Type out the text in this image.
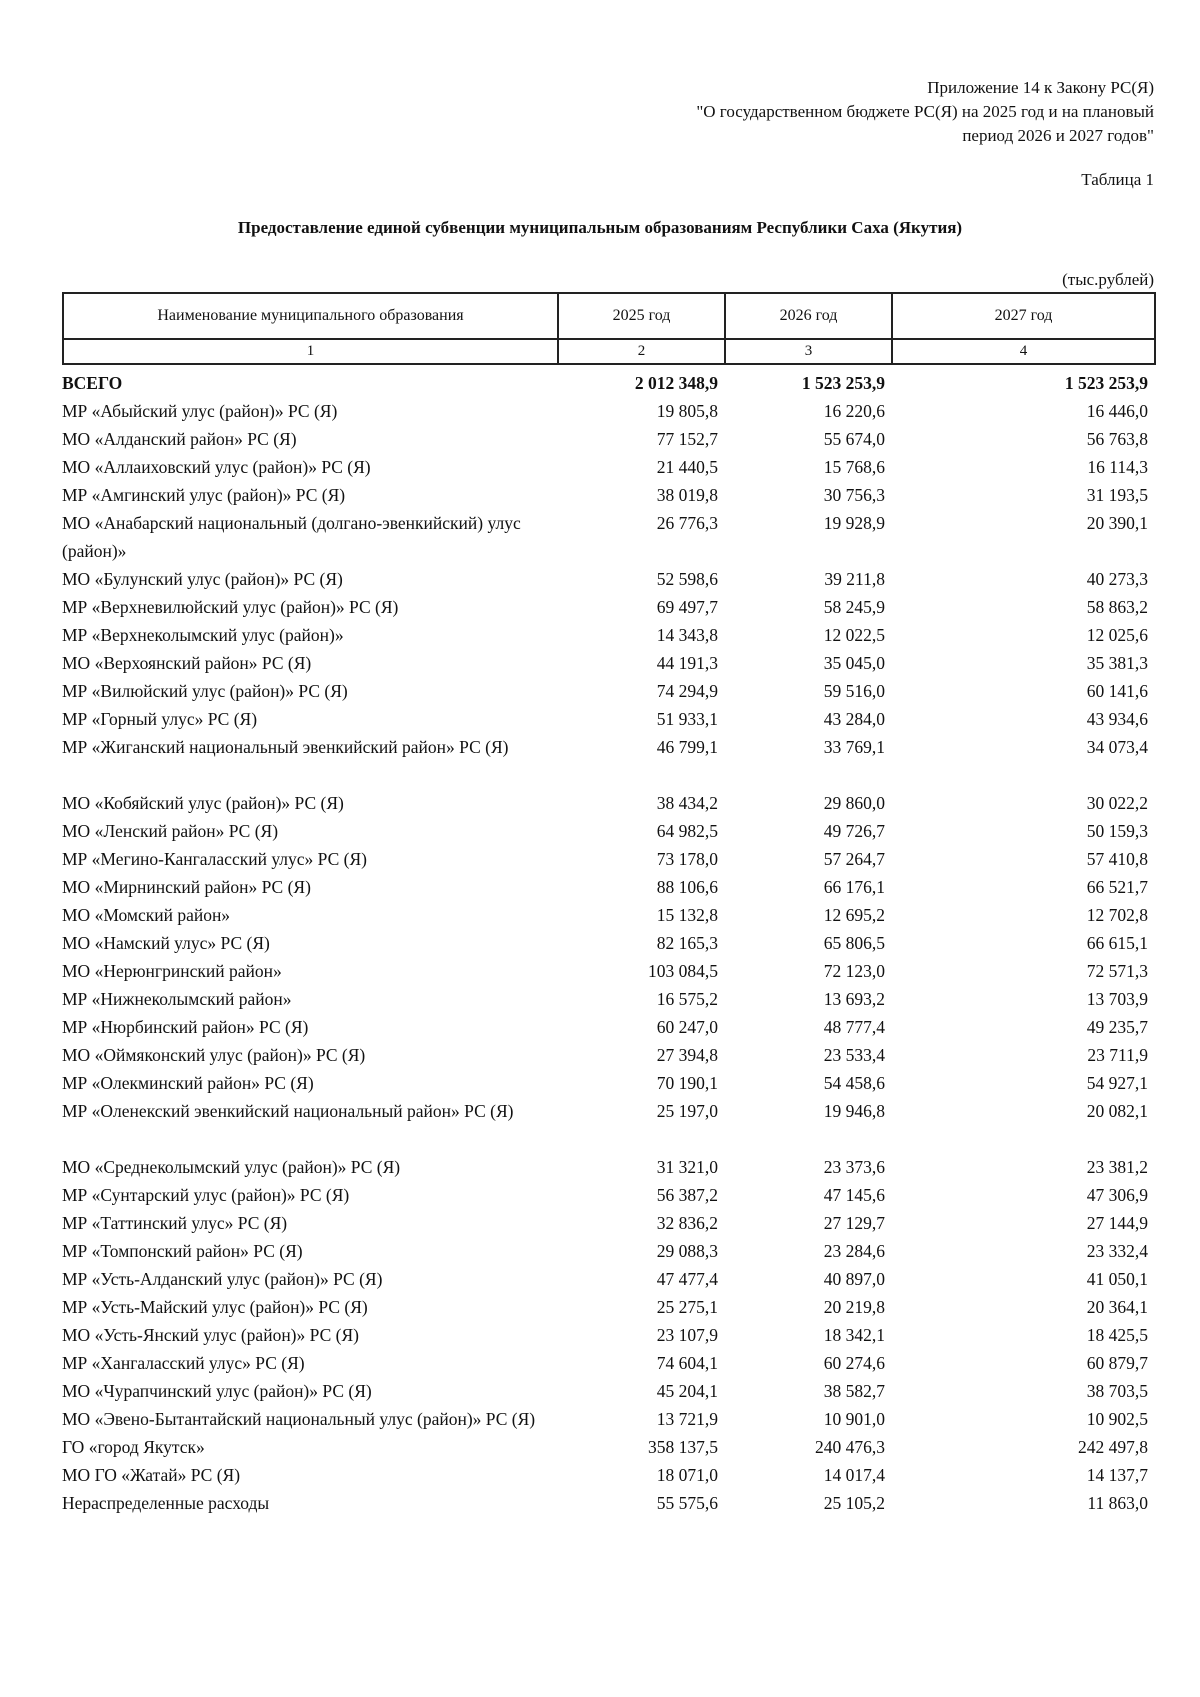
Приложение 14 к Закону РС(Я)
"О государственном бюджете РС(Я) на 2025 год и на плановый
период 2026 и 2027 годов"
Таблица 1
Предоставление единой субвенции муниципальным образованиям Республики Саха (Якутия)
(тыс.рублей)
Наименование муниципального образования	2025 год	2026 год	2027 год
1	2	3	4
ВСЕГО	2 012 348,9	1 523 253,9	1 523 253,9
МР «Абыйский улус (район)» РС (Я)	19 805,8	16 220,6	16 446,0
МО «Алданский район» РС (Я)	77 152,7	55 674,0	56 763,8
МО «Аллаиховский улус (район)» РС (Я)	21 440,5	15 768,6	16 114,3
МР «Амгинский улус (район)» РС (Я)	38 019,8	30 756,3	31 193,5
МО «Анабарский национальный (долгано-эвенкийский) улус (район)»	26 776,3	19 928,9	20 390,1
МО «Булунский улус (район)» РС (Я)	52 598,6	39 211,8	40 273,3
МР «Верхневилюйский улус (район)» РС (Я)	69 497,7	58 245,9	58 863,2
МР «Верхнеколымский улус (район)»	14 343,8	12 022,5	12 025,6
МО «Верхоянский район» РС (Я)	44 191,3	35 045,0	35 381,3
МР «Вилюйский улус (район)» РС (Я)	74 294,9	59 516,0	60 141,6
МР «Горный улус» РС (Я)	51 933,1	43 284,0	43 934,6
МР «Жиганский национальный эвенкийский район» РС (Я)	46 799,1	33 769,1	34 073,4

МО «Кобяйский улус (район)» РС (Я)	38 434,2	29 860,0	30 022,2
МО «Ленский район» РС (Я)	64 982,5	49 726,7	50 159,3
МР «Мегино-Кангаласский улус» РС (Я)	73 178,0	57 264,7	57 410,8
МО «Мирнинский район» РС (Я)	88 106,6	66 176,1	66 521,7
МО «Момский район»	15 132,8	12 695,2	12 702,8
МО «Намский улус» РС (Я)	82 165,3	65 806,5	66 615,1
МО «Нерюнгринский район»	103 084,5	72 123,0	72 571,3
МР «Нижнеколымский район»	16 575,2	13 693,2	13 703,9
МР «Нюрбинский район» РС (Я)	60 247,0	48 777,4	49 235,7
МО «Оймяконский улус (район)» РС (Я)	27 394,8	23 533,4	23 711,9
МР «Олекминский район» РС (Я)	70 190,1	54 458,6	54 927,1
МР «Оленекский эвенкийский национальный район» РС (Я)	25 197,0	19 946,8	20 082,1

МО «Среднеколымский улус (район)» РС (Я)	31 321,0	23 373,6	23 381,2
МР «Сунтарский улус (район)» РС (Я)	56 387,2	47 145,6	47 306,9
МР «Таттинский улус» РС (Я)	32 836,2	27 129,7	27 144,9
МР «Томпонский район» РС (Я)	29 088,3	23 284,6	23 332,4
МР «Усть-Алданский улус (район)» РС (Я)	47 477,4	40 897,0	41 050,1
МР «Усть-Майский улус (район)» РС (Я)	25 275,1	20 219,8	20 364,1
МО «Усть-Янский улус (район)» РС (Я)	23 107,9	18 342,1	18 425,5
МР «Хангаласский улус» РС (Я)	74 604,1	60 274,6	60 879,7
МО «Чурапчинский улус (район)» РС (Я)	45 204,1	38 582,7	38 703,5
МО «Эвено-Бытантайский национальный улус (район)» РС (Я)	13 721,9	10 901,0	10 902,5
ГО «город Якутск»	358 137,5	240 476,3	242 497,8
МО ГО «Жатай» РС (Я)	18 071,0	14 017,4	14 137,7
Нераспределенные расходы	55 575,6	25 105,2	11 863,0
